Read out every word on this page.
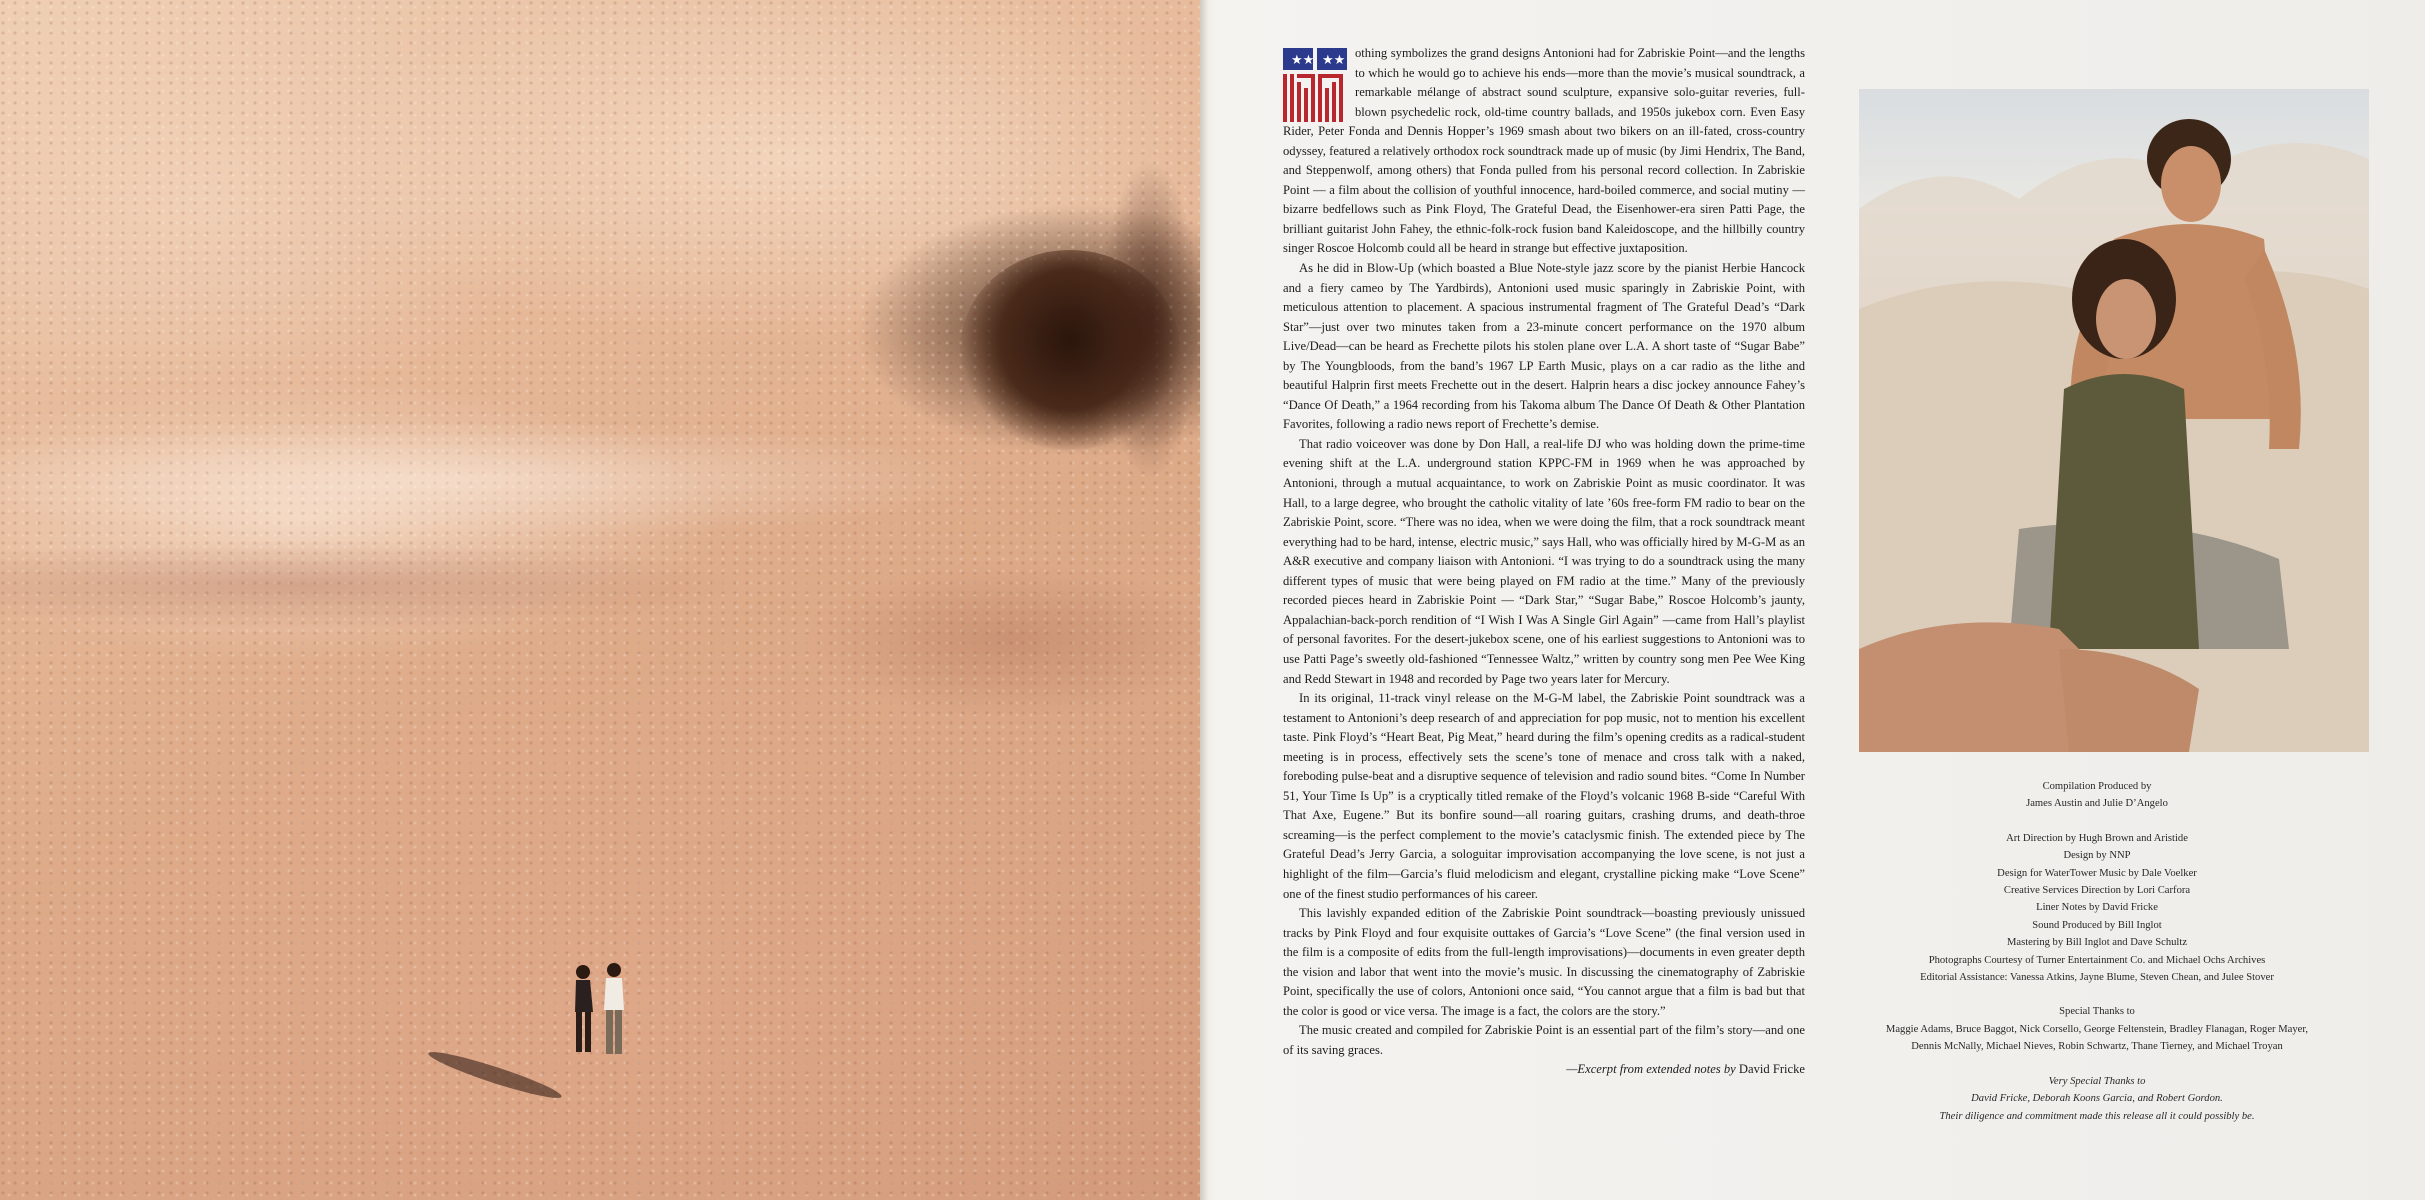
★★ ★★ othing symbolizes the grand designs Antonioni had for Zabriskie Point—and the lengths to which he would go to achieve his ends—more than the movie’s musical soundtrack, a remarkable mélange of abstract sound sculpture, expansive solo-guitar reveries, full-blown psychedelic rock, old-time country ballads, and 1950s jukebox corn. Even Easy Rider, Peter Fonda and Dennis Hopper’s 1969 smash about two bikers on an ill-fated, cross-country odyssey, featured a relatively orthodox rock soundtrack made up of music (by Jimi Hendrix, The Band, and Steppenwolf, among others) that Fonda pulled from his personal record collection. In Zabriskie Point — a film about the collision of youthful innocence, hard-boiled commerce, and social mutiny —bizarre bedfellows such as Pink Floyd, The Grateful Dead, the Eisenhower-era siren Patti Page, the brilliant guitarist John Fahey, the ethnic-folk-rock fusion band Kaleidoscope, and the hillbilly country singer Roscoe Holcomb could all be heard in strange but effective juxtaposition.

As he did in Blow-Up (which boasted a Blue Note-style jazz score by the pianist Herbie Hancock and a fiery cameo by The Yardbirds), Antonioni used music sparingly in Zabriskie Point, with meticulous attention to placement. A spacious instrumental fragment of The Grateful Dead’s “Dark Star”—just over two minutes taken from a 23-minute concert performance on the 1970 album Live/Dead—can be heard as Frechette pilots his stolen plane over L.A. A short taste of “Sugar Babe” by The Youngbloods, from the band’s 1967 LP Earth Music, plays on a car radio as the lithe and beautiful Halprin first meets Frechette out in the desert. Halprin hears a disc jockey announce Fahey’s “Dance Of Death,” a 1964 recording from his Takoma album The Dance Of Death & Other Plantation Favorites, following a radio news report of Frechette’s demise.

That radio voiceover was done by Don Hall, a real-life DJ who was holding down the prime-time evening shift at the L.A. underground station KPPC-FM in 1969 when he was approached by Antonioni, through a mutual acquaintance, to work on Zabriskie Point as music coordinator. It was Hall, to a large degree, who brought the catholic vitality of late ’60s free-form FM radio to bear on the Zabriskie Point, score. “There was no idea, when we were doing the film, that a rock soundtrack meant everything had to be hard, intense, electric music,” says Hall, who was officially hired by M-G-M as an A&R executive and company liaison with Antonioni. “I was trying to do a soundtrack using the many different types of music that were being played on FM radio at the time.” Many of the previously recorded pieces heard in Zabriskie Point — “Dark Star,” “Sugar Babe,” Roscoe Holcomb’s jaunty, Appalachian-back-porch rendition of “I Wish I Was A Single Girl Again” —came from Hall’s playlist of personal favorites. For the desert-jukebox scene, one of his earliest suggestions to Antonioni was to use Patti Page’s sweetly old-fashioned “Tennessee Waltz,” written by country song men Pee Wee King and Redd Stewart in 1948 and recorded by Page two years later for Mercury.

In its original, 11-track vinyl release on the M-G-M label, the Zabriskie Point soundtrack was a testament to Antonioni’s deep research of and appreciation for pop music, not to mention his excellent taste. Pink Floyd’s “Heart Beat, Pig Meat,” heard during the film’s opening credits as a radical-student meeting is in process, effectively sets the scene’s tone of menace and cross talk with a naked, foreboding pulse-beat and a disruptive sequence of television and radio sound bites. “Come In Number 51, Your Time Is Up” is a cryptically titled remake of the Floyd’s volcanic 1968 B-side “Careful With That Axe, Eugene.” But its bonfire sound—all roaring guitars, crashing drums, and death-throe screaming—is the perfect complement to the movie’s cataclysmic finish. The extended piece by The Grateful Dead’s Jerry Garcia, a sologuitar improvisation accompanying the love scene, is not just a highlight of the film—Garcia’s fluid melodicism and elegant, crystalline picking make “Love Scene” one of the finest studio performances of his career.

This lavishly expanded edition of the Zabriskie Point soundtrack—boasting previously unissued tracks by Pink Floyd and four exquisite outtakes of Garcia’s “Love Scene” (the final version used in the film is a composite of edits from the full-length improvisations)—documents in even greater depth the vision and labor that went into the movie’s music. In discussing the cinematography of Zabriskie Point, specifically the use of colors, Antonioni once said, “You cannot argue that a film is bad but that the color is good or vice versa. The image is a fact, the colors are the story.”

The music created and compiled for Zabriskie Point is an essential part of the film’s story—and one of its saving graces.

—Excerpt from extended notes by David Fricke
Compilation Produced by
James Austin and Julie D’Angelo
Art Direction by Hugh Brown and Aristide
Design by NNP
Design for WaterTower Music by Dale Voelker
Creative Services Direction by Lori Carfora
Liner Notes by David Fricke
Sound Produced by Bill Inglot
Mastering by Bill Inglot and Dave Schultz
Photographs Courtesy of Turner Entertainment Co. and Michael Ochs Archives
Editorial Assistance: Vanessa Atkins, Jayne Blume, Steven Chean, and Julee Stover
Special Thanks to
Maggie Adams, Bruce Baggot, Nick Corsello, George Feltenstein, Bradley Flanagan, Roger Mayer,
Dennis McNally, Michael Nieves, Robin Schwartz, Thane Tierney, and Michael Troyan
Very Special Thanks to
David Fricke, Deborah Koons Garcia, and Robert Gordon.
Their diligence and commitment made this release all it could possibly be.
